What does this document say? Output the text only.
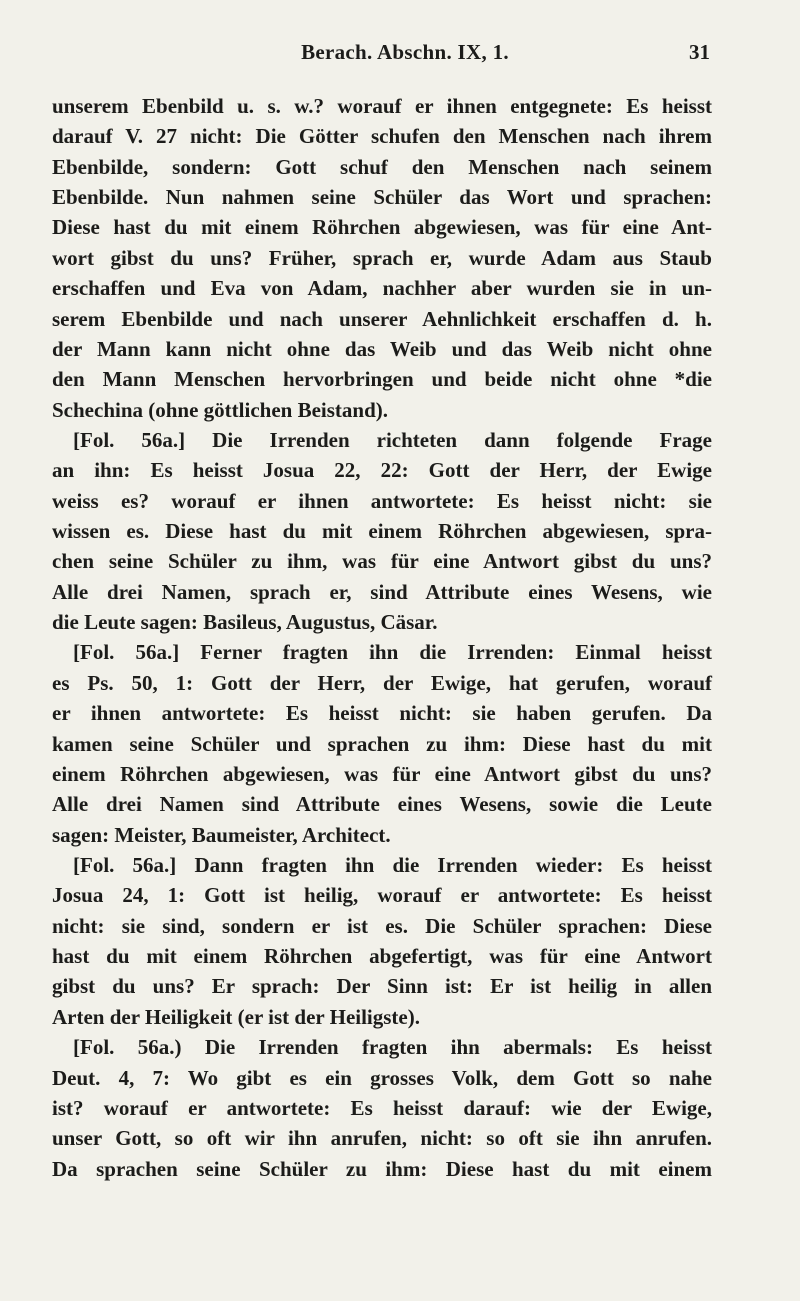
Berach. Abschn. IX, 1.	31
unserem Ebenbild u. s. w.? worauf er ihnen entgegnete: Es heisst
darauf V. 27 nicht: Die Götter schufen den Menschen nach ihrem
Ebenbilde, sondern: Gott schuf den Menschen nach seinem
Ebenbilde. Nun nahmen seine Schüler das Wort und sprachen:
Diese hast du mit einem Röhrchen abgewiesen, was für eine Ant-
wort gibst du uns? Früher, sprach er, wurde Adam aus Staub
erschaffen und Eva von Adam, nachher aber wurden sie in un-
serem Ebenbilde und nach unserer Aehnlichkeit erschaffen d. h.
der Mann kann nicht ohne das Weib und das Weib nicht ohne
den Mann Menschen hervorbringen und beide nicht ohne *die
Schechina (ohne göttlichen Beistand).
[Fol. 56a.] Die Irrenden richteten dann folgende Frage
an ihn: Es heisst Josua 22, 22: Gott der Herr, der Ewige
weiss es? worauf er ihnen antwortete: Es heisst nicht: sie
wissen es. Diese hast du mit einem Röhrchen abgewiesen, spra-
chen seine Schüler zu ihm, was für eine Antwort gibst du uns?
Alle drei Namen, sprach er, sind Attribute eines Wesens, wie
die Leute sagen: Basileus, Augustus, Cäsar.
[Fol. 56a.] Ferner fragten ihn die Irrenden: Einmal heisst
es Ps. 50, 1: Gott der Herr, der Ewige, hat gerufen, worauf
er ihnen antwortete: Es heisst nicht: sie haben gerufen. Da
kamen seine Schüler und sprachen zu ihm: Diese hast du mit
einem Röhrchen abgewiesen, was für eine Antwort gibst du uns?
Alle drei Namen sind Attribute eines Wesens, sowie die Leute
sagen: Meister, Baumeister, Architect.
[Fol. 56a.] Dann fragten ihn die Irrenden wieder: Es heisst
Josua 24, 1: Gott ist heilig, worauf er antwortete: Es heisst
nicht: sie sind, sondern er ist es. Die Schüler sprachen: Diese
hast du mit einem Röhrchen abgefertigt, was für eine Antwort
gibst du uns? Er sprach: Der Sinn ist: Er ist heilig in allen
Arten der Heiligkeit (er ist der Heiligste).
[Fol. 56a.) Die Irrenden fragten ihn abermals: Es heisst
Deut. 4, 7: Wo gibt es ein grosses Volk, dem Gott so nahe
ist? worauf er antwortete: Es heisst darauf: wie der Ewige,
unser Gott, so oft wir ihn anrufen, nicht: so oft sie ihn anrufen.
Da sprachen seine Schüler zu ihm: Diese hast du mit einem
